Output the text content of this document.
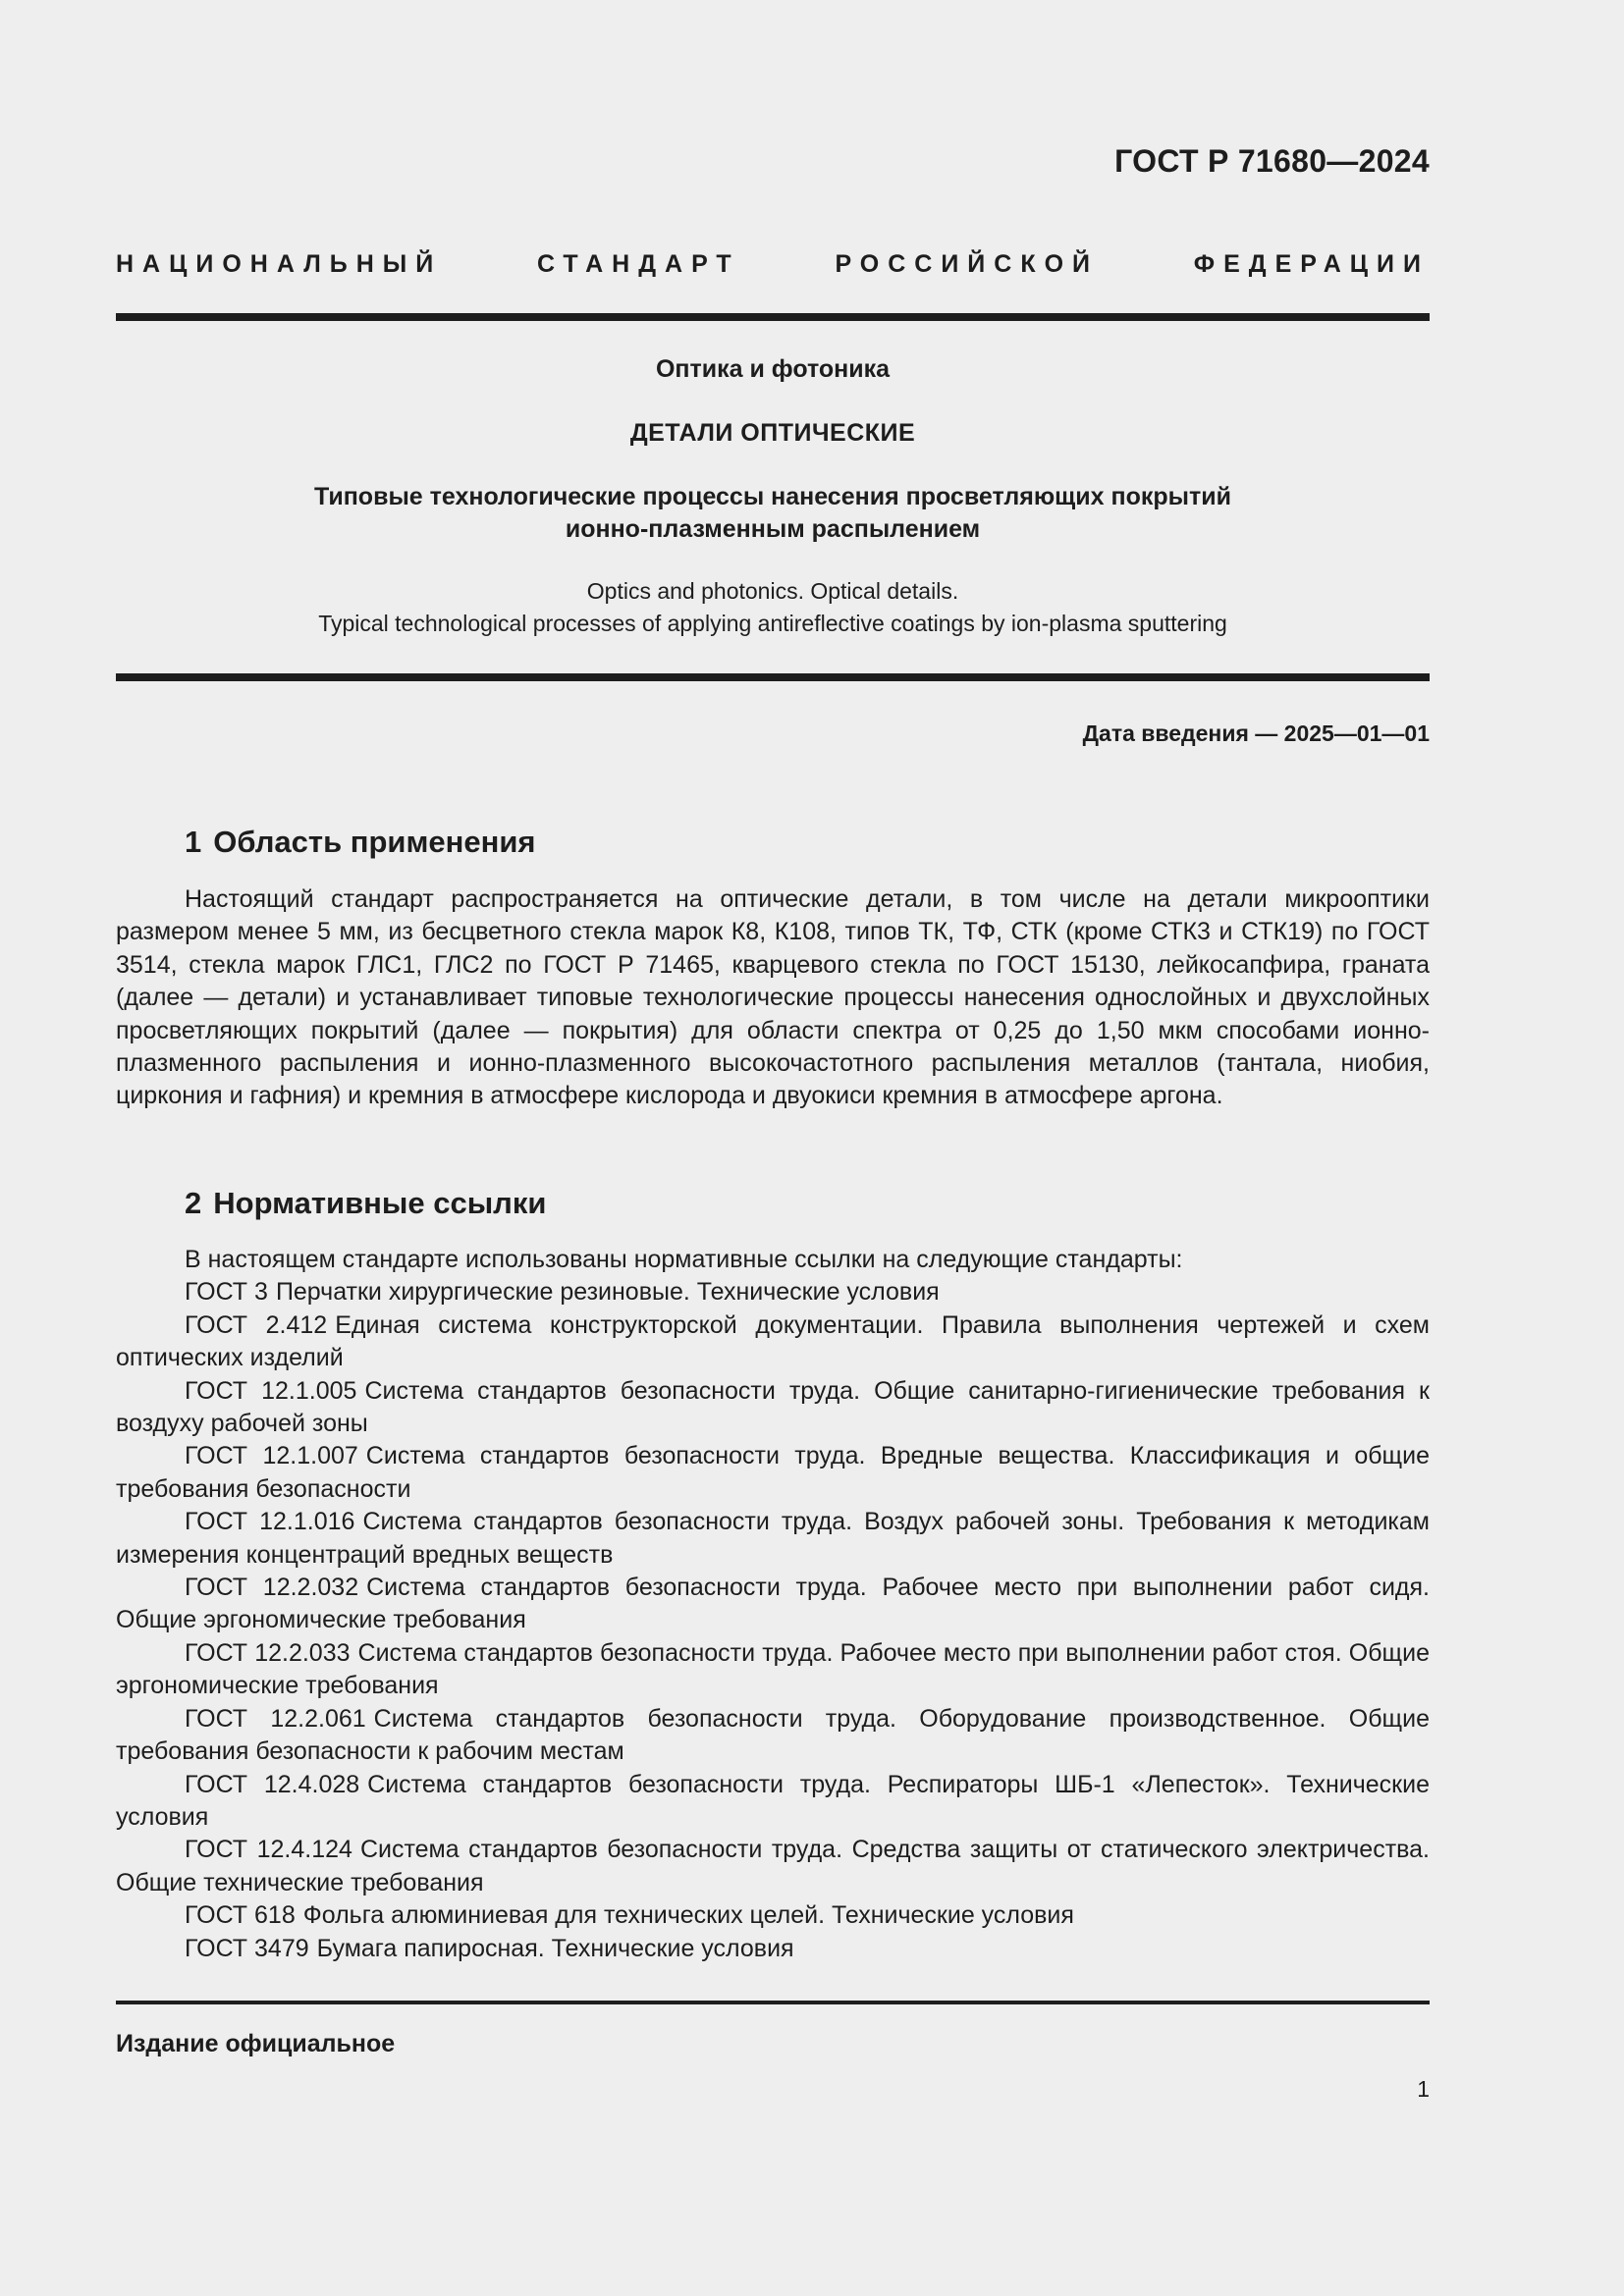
ГОСТ Р 71680—2024
НАЦИОНАЛЬНЫЙ СТАНДАРТ РОССИЙСКОЙ ФЕДЕРАЦИИ
Оптика и фотоника
ДЕТАЛИ ОПТИЧЕСКИЕ
Типовые технологические процессы нанесения просветляющих покрытий
ионно-плазменным распылением
Optics and photonics. Optical details.
Typical technological processes of applying antireflective coatings by ion-plasma sputtering
Дата введения — 2025—01—01
1 Область применения

Настоящий стандарт распространяется на оптические детали, в том числе на детали микрооптики размером менее 5 мм, из бесцветного стекла марок К8, К108, типов ТК, ТФ, СТК (кроме СТК3 и СТК19) по ГОСТ 3514, стекла марок ГЛС1, ГЛС2 по ГОСТ Р 71465, кварцевого стекла по ГОСТ 15130, лейкосапфира, граната (далее — детали) и устанавливает типовые технологические процессы нанесения однослойных и двухслойных просветляющих покрытий (далее — покрытия) для области спектра от 0,25 до 1,50 мкм способами ионно-плазменного распыления и ионно-плазменного высокочастотного распыления металлов (тантала, ниобия, циркония и гафния) и кремния в атмосфере кислорода и двуокиси кремния в атмосфере аргона.

2 Нормативные ссылки

В настоящем стандарте использованы нормативные ссылки на следующие стандарты:

ГОСТ 3 Перчатки хирургические резиновые. Технические условия

ГОСТ 2.412 Единая система конструкторской документации. Правила выполнения чертежей и схем оптических изделий

ГОСТ 12.1.005 Система стандартов безопасности труда. Общие санитарно-гигиенические требования к воздуху рабочей зоны

ГОСТ 12.1.007 Система стандартов безопасности труда. Вредные вещества. Классификация и общие требования безопасности

ГОСТ 12.1.016 Система стандартов безопасности труда. Воздух рабочей зоны. Требования к методикам измерения концентраций вредных веществ

ГОСТ 12.2.032 Система стандартов безопасности труда. Рабочее место при выполнении работ сидя. Общие эргономические требования

ГОСТ 12.2.033 Система стандартов безопасности труда. Рабочее место при выполнении работ стоя. Общие эргономические требования

ГОСТ 12.2.061 Система стандартов безопасности труда. Оборудование производственное. Общие требования безопасности к рабочим местам

ГОСТ 12.4.028 Система стандартов безопасности труда. Респираторы ШБ-1 «Лепесток». Технические условия

ГОСТ 12.4.124 Система стандартов безопасности труда. Средства защиты от статического электричества. Общие технические требования

ГОСТ 618 Фольга алюминиевая для технических целей. Технические условия

ГОСТ 3479 Бумага папиросная. Технические условия

Издание официальное
1
